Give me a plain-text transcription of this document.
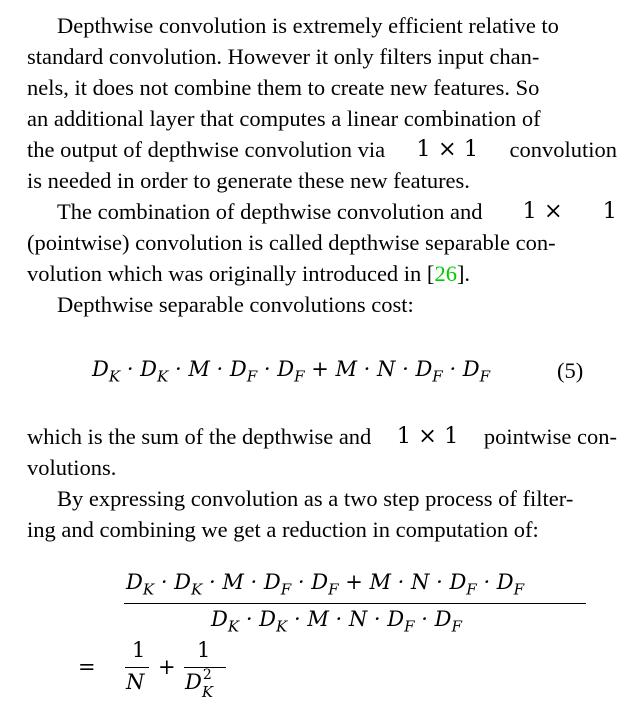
Depthwise convolution is extremely efficient relative to

standard convolution. However it only filters input chan-

nels, it does not combine them to create new features. So

an additional layer that computes a linear combination of

the output of depthwise convolution via 1 × 1 convolution

is needed in order to generate these new features.

The combination of depthwise convolution and 1 × 1

(pointwise) convolution is called depthwise separable con-

volution which was originally introduced in [26].

Depthwise separable convolutions cost:

$D_K \cdot D_K \cdot M \cdot D_F \cdot D_F + M \cdot N \cdot D_F \cdot D_F$	(5)

which is the sum of the depthwise and 1 × 1 pointwise con-

volutions.

By expressing convolution as a two step process of filter-

ing and combining we get a reduction in computation of:

$D_K \cdot D_K \cdot M \cdot D_F \cdot D_F + M \cdot N \cdot D_F \cdot D_F$
$D_K \cdot D_K \cdot M \cdot N \cdot D_F \cdot D_F$
=
1
N
+
1
D 2
K
